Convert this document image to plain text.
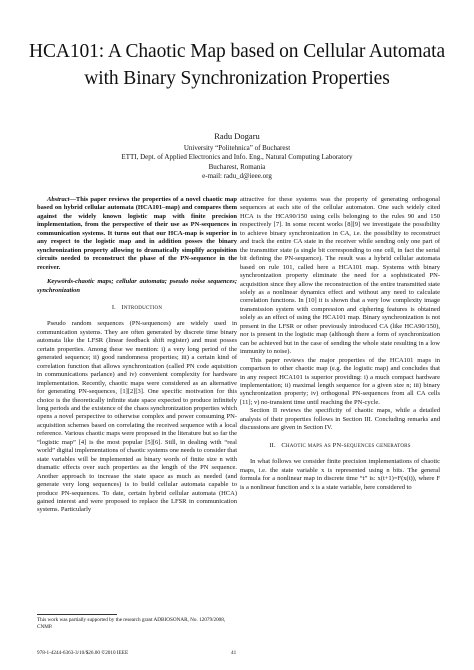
HCA101: A Chaotic Map based on Cellular Automata
with Binary Synchronization Properties
Radu Dogaru
University “Politehnica” of Bucharest
ETTI, Dept. of Applied Electronics and Info. Eng., Natural Computing Laboratory
Bucharest, Romania
e-mail: radu_d@ieee.org

Abstract—This paper reviews the properties of a novel chaotic map based on hybrid cellular automata (HCA101–map) and compares them against the widely known logistic map with finite precision implementation, from the perspective of their use as PN-sequences in communication systems. It turns out that our HCA-map is superior in any respect to the logistic map and in addition posses the binary synchronization property allowing to dramatically simplify acquisition circuits needed to reconstruct the phase of the PN-sequence in the receiver.

Keywords-chaotic maps; cellular automata; pseudo noise sequences; synchronization

I. Introduction

Pseudo random sequences (PN-sequences) are widely used in communication systems. They are often generated by discrete time binary automata like the LFSR (linear feedback shift register) and must posses certain properties. Among these we mention: i) a very long period of the generated sequence; ii) good randomness properties; iii) a certain kind of correlation function that allows synchronization (called PN code aquisition in communications parlance) and iv) convenient complexity for hardware implementation. Recently, chaotic maps were considered as an alternative for generating PN-sequences, [1][2][3]. One specific motivation for this choice is the theoretically infinite state space expected to produce infinitely long periods and the existence of the chaos synchronization properties which opens a novel perspective to otherwise complex and power consuming PN-acquisition schemes based on correlating the received sequence with a local reference. Various chaotic maps were proposed in the literature but so far the “logistic map” [4] is the most popular [5][6]. Still, in dealing with “real world” digital implementations of chaotic systems one needs to consider that state variables will be implemented as binary words of finite size n with dramatic effects over such properties as the length of the PN sequence. Another approach to increase the state space as much as needed (and generate very long sequences) is to build cellular automata capable to produce PN-sequences. To date, certain hybrid cellular automata (HCA) gained interest and were proposed to replace the LFSR in communication systems. Particularly

attractive for these systems was the property of generating orthogonal sequences at each site of the cellular automaton. One such widely cited HCA is the HCA90/150 using cells belonging to the rules 90 and 150 respectively [7]. In some recent works [8][9] we investigate the possibility to achieve binary synchronization in CA, i.e. the possibility to reconstruct and track the entire CA state in the receiver while sending only one part of the transmitter state (a single bit corresponding to one cell, in fact the serial bit defining the PN-sequence). The result was a hybrid cellular automata based on rule 101, called here a HCA101 map. Systems with binary synchronization property eliminate the need for a sophisticated PN-acquisition since they allow the reconstruction of the entire transmitted state solely as a nonlinear dynamics effect and without any need to calculate correlation functions. In [10] it is shown that a very low complexity image transmission system with compression and ciphering features is obtained solely as an effect of using the HCA101 map. Binary synchronization is not present in the LFSR or other previously introduced CA (like HCA90/150), nor is present in the logistic map (although there a form of synchronization can be achieved but in the case of sending the whole state resulting in a low immunity to noise).

This paper reviews the major properties of the HCA101 maps in comparison to other chaotic map (e.g. the logistic map) and concludes that in any respect HCA101 is superior providing: i) a much compact hardware implementation; ii) maximal length sequence for a given size n; iii) binary synchronization property; iv) orthogonal PN-sequences from all CA cells [11]; v) no-transient time until reaching the PN-cycle.

Section II reviews the specificity of chaotic maps, while a detailed analysis of their properties follows in Section III. Concluding remarks and discussions are given in Section IV.

II. Chaotic maps as PN-sequences generators

In what follows we consider finite precision implementations of chaotic maps, i.e. the state variable x is represented using n bits. The general formula for a nonlinear map in discrete time “t” is: x(t+1)=F(x(t)), where F is a nonlinear function and x is a state variable, here considered to

This work was partially supported by the research grant ADBIOSONAR, No. 12079/2008, CNMP.
978-1-4244-6363-3/10/$26.00 ©2010 IEEE	41
